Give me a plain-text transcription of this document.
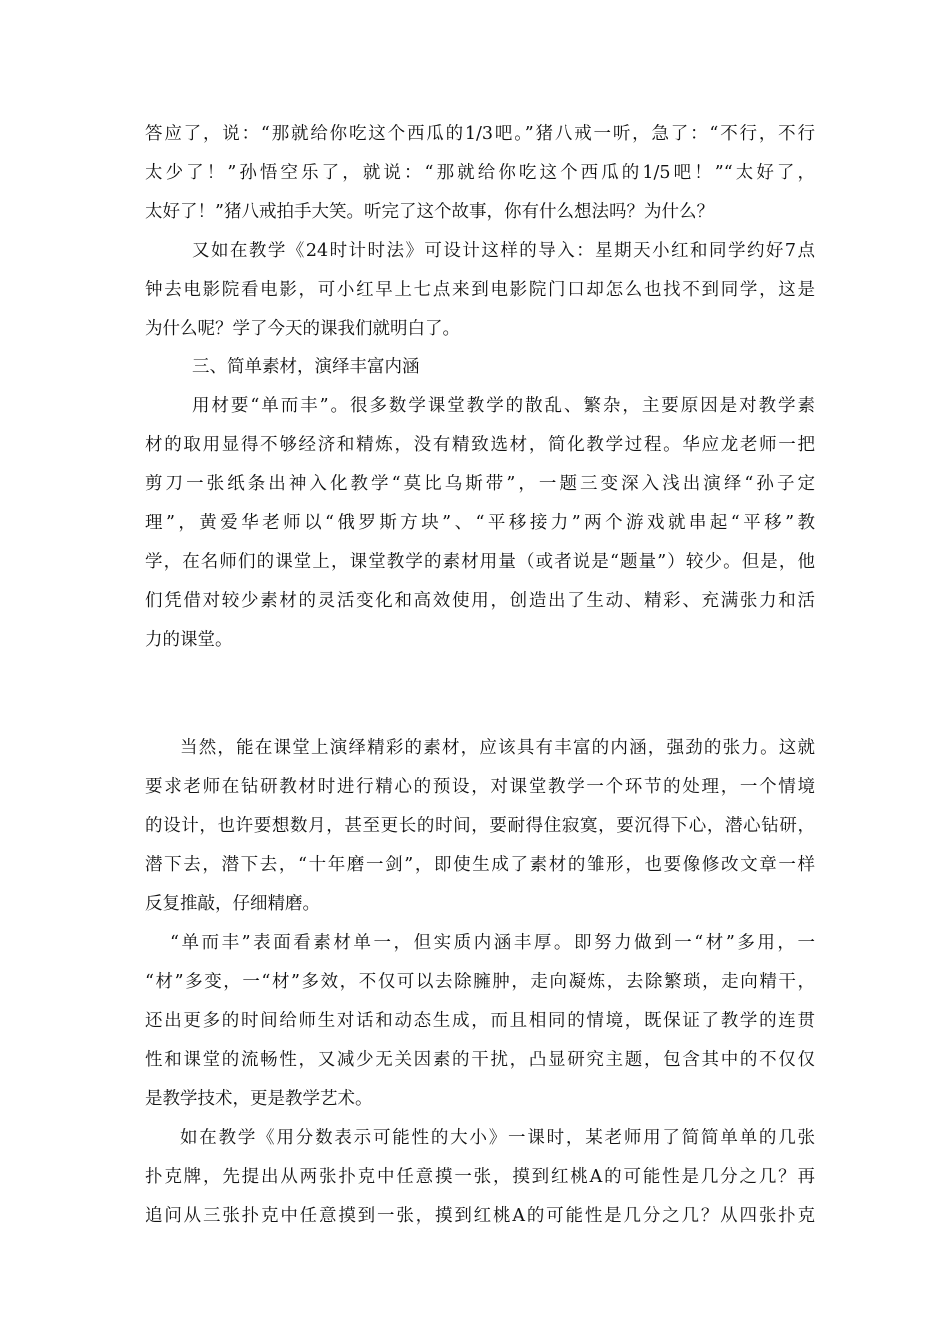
答应了，说：“那就给你吃这个西瓜的1/3吧。”猪八戒一听，急了：“不行，不行
太少了！”孙悟空乐了，就说：“那就给你吃这个西瓜的1/5吧！”“太好了，
太好了！”猪八戒拍手大笑。听完了这个故事，你有什么想法吗？为什么？
又如在教学《24时计时法》可设计这样的导入：星期天小红和同学约好7点
钟去电影院看电影，可小红早上七点来到电影院门口却怎么也找不到同学，这是
为什么呢？学了今天的课我们就明白了。
三、简单素材，演绎丰富内涵
用材要“单而丰”。很多数学课堂教学的散乱、繁杂，主要原因是对教学素
材的取用显得不够经济和精炼，没有精致选材，简化教学过程。华应龙老师一把
剪刀一张纸条出神入化教学“莫比乌斯带”，一题三变深入浅出演绎“孙子定
理”，黄爱华老师以“俄罗斯方块”、“平移接力”两个游戏就串起“平移”教
学，在名师们的课堂上，课堂教学的素材用量（或者说是“题量”）较少。但是，他
们凭借对较少素材的灵活变化和高效使用，创造出了生动、精彩、充满张力和活
力的课堂。
当然，能在课堂上演绎精彩的素材，应该具有丰富的内涵，强劲的张力。这就
要求老师在钻研教材时进行精心的预设，对课堂教学一个环节的处理，一个情境
的设计，也许要想数月，甚至更长的时间，要耐得住寂寞，要沉得下心，潜心钻研，
潜下去，潜下去，“十年磨一剑”，即使生成了素材的雏形，也要像修改文章一样
反复推敲，仔细精磨。
“单而丰”表面看素材单一，但实质内涵丰厚。即努力做到一“材”多用，一
“材”多变，一“材”多效，不仅可以去除臃肿，走向凝炼，去除繁琐，走向精干，
还出更多的时间给师生对话和动态生成，而且相同的情境，既保证了教学的连贯
性和课堂的流畅性，又减少无关因素的干扰，凸显研究主题，包含其中的不仅仅
是教学技术，更是教学艺术。
如在教学《用分数表示可能性的大小》一课时，某老师用了简简单单的几张
扑克牌，先提出从两张扑克中任意摸一张，摸到红桃A的可能性是几分之几？再
追问从三张扑克中任意摸到一张，摸到红桃A的可能性是几分之几？从四张扑克
